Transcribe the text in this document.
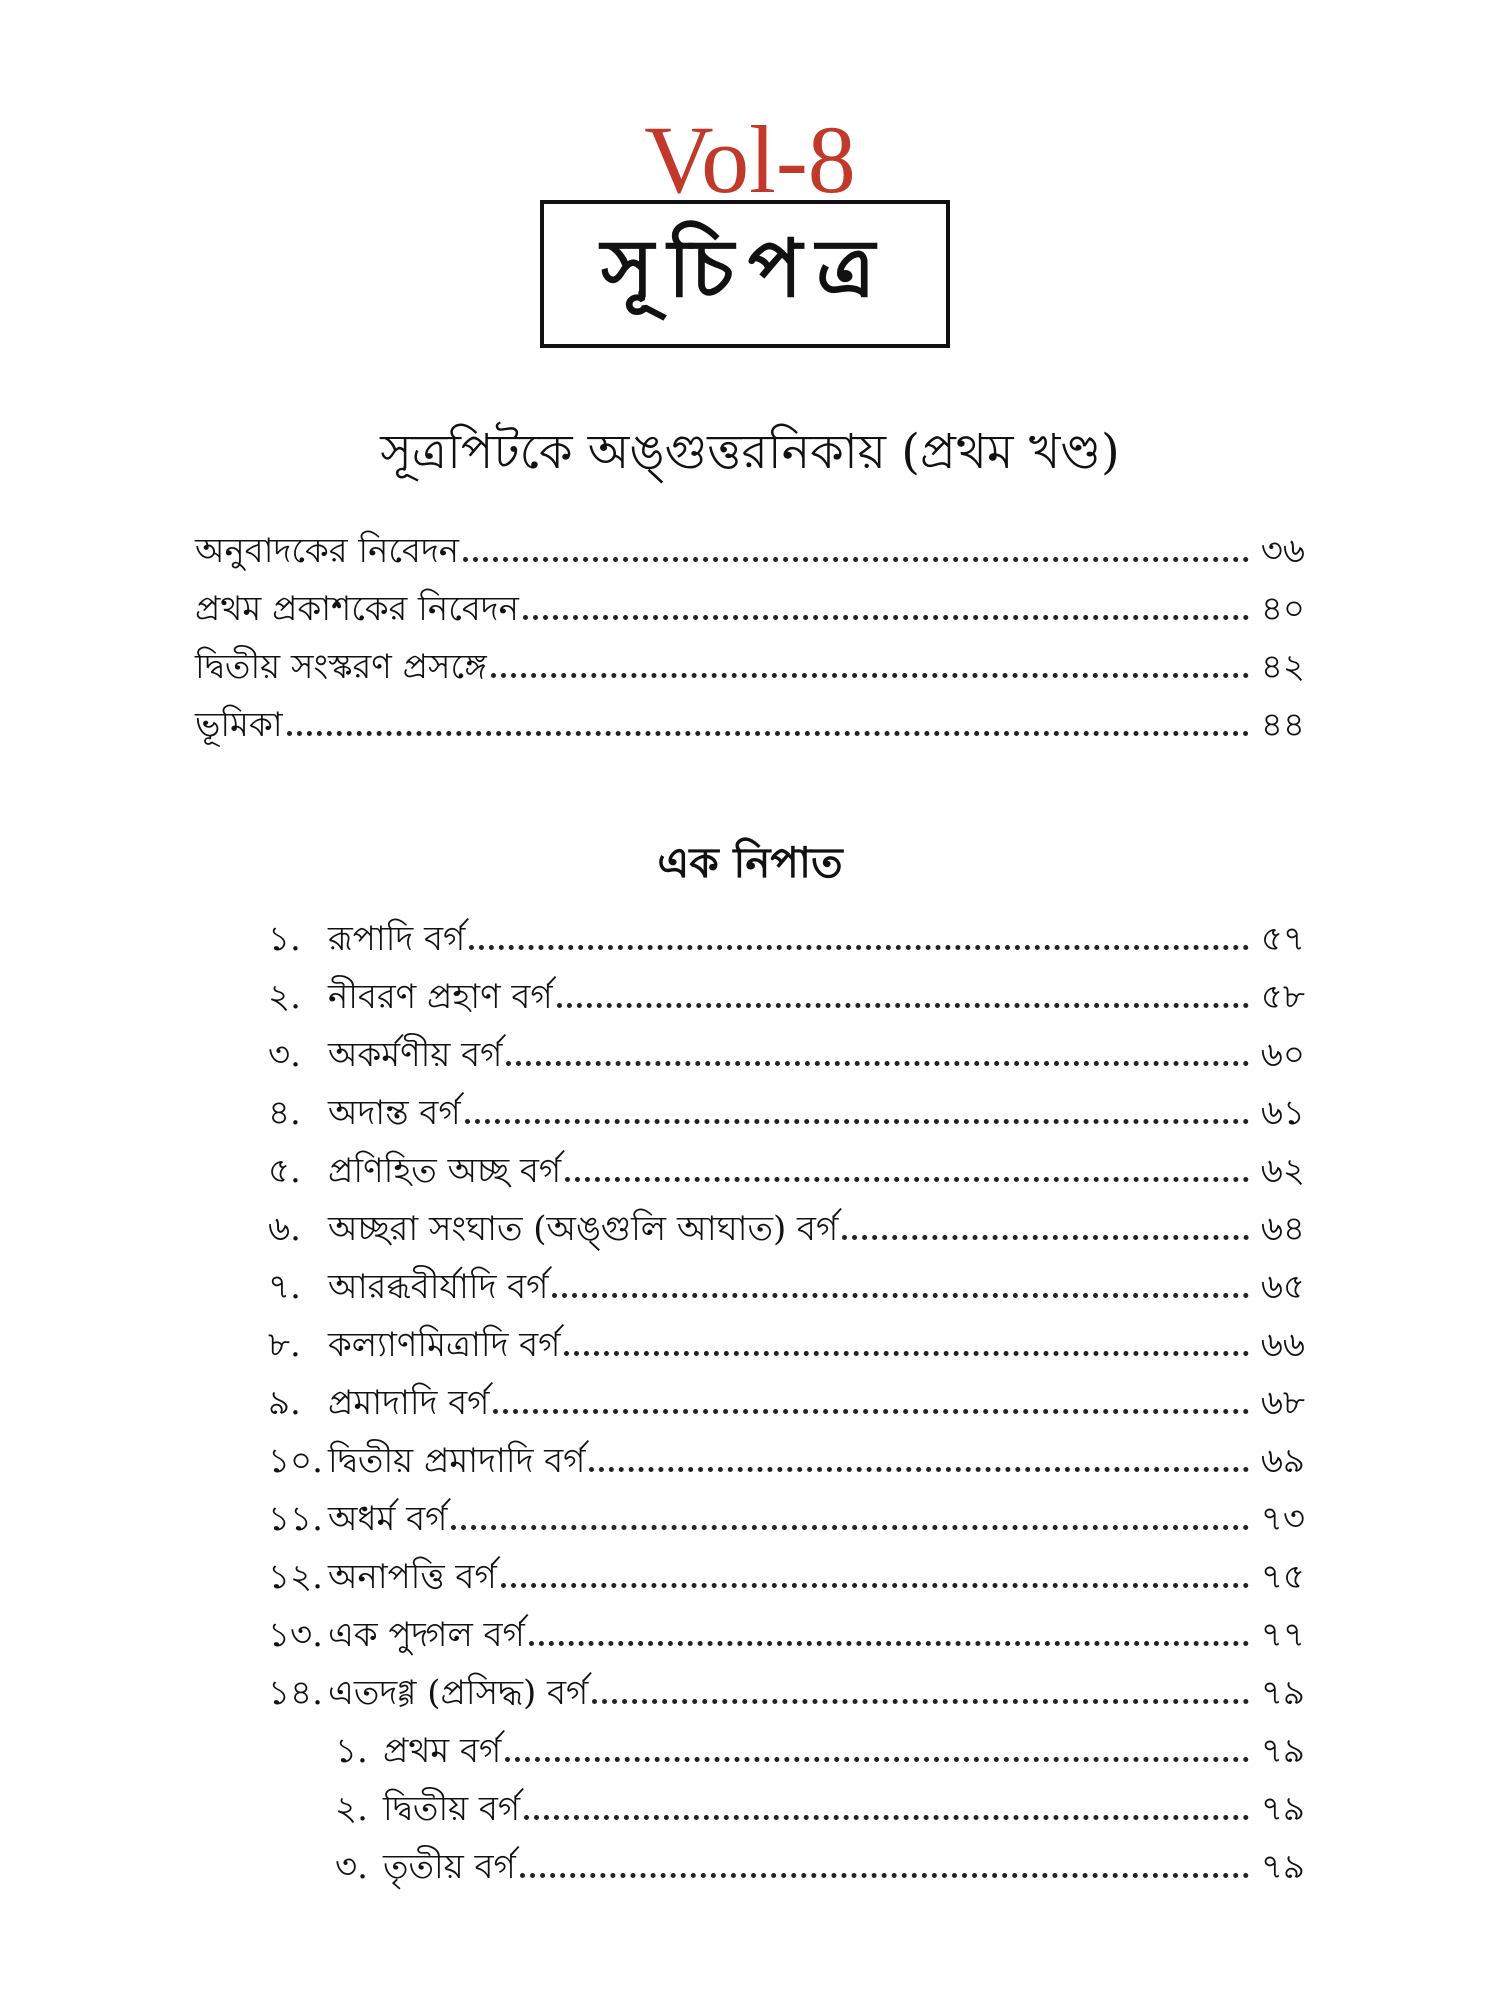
Vol-8
সূচিপত্র
সূত্রপিটকে অঙ্গুত্তরনিকায় (প্রথম খণ্ড)
অনুবাদকের নিবেদন	৩৬
প্রথম প্রকাশকের নিবেদন	৪০
দ্বিতীয় সংস্করণ প্রসঙ্গে	৪২
ভূমিকা	৪৪
এক নিপাত
১. রূপাদি বর্গ	৫৭
২. নীবরণ প্রহাণ বর্গ	৫৮
৩. অকর্মণীয় বর্গ	৬০
৪. অদান্ত বর্গ	৬১
৫. প্রণিহিত অচ্ছ বর্গ	৬২
৬. অচ্ছরা সংঘাত (অঙ্গুলি আঘাত) বর্গ	৬৪
৭. আরব্ধবীর্যাদি বর্গ	৬৫
৮. কল্যাণমিত্রাদি বর্গ	৬৬
৯. প্রমাদাদি বর্গ	৬৮
১০. দ্বিতীয় প্রমাদাদি বর্গ	৬৯
১১. অধর্ম বর্গ	৭৩
১২. অনাপত্তি বর্গ	৭৫
১৩. এক পুদ্গল বর্গ	৭৭
১৪. এতদগ্গ (প্রসিদ্ধ) বর্গ	৭৯
১. প্রথম বর্গ	৭৯
২. দ্বিতীয় বর্গ	৭৯
৩. তৃতীয় বর্গ	৭৯
